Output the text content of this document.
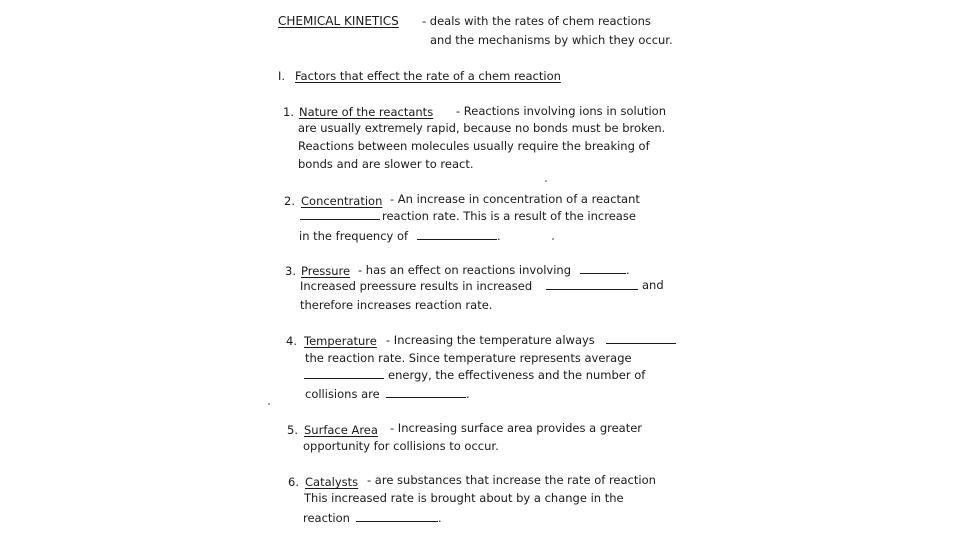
CHEMICAL KINETICS - deals with the rates of chem reactions
and the mechanisms by which they occur.
I. Factors that effect the rate of a chem reaction
1. Nature of the reactants - Reactions involving ions in solution
are usually extremely rapid, because no bonds must be broken.
Reactions between molecules usually require the breaking of
bonds and are slower to react.
2. Concentration - An increase in concentration of a reactant
reaction rate. This is a result of the increase
in the frequency of	.
3. Pressure - has an effect on reactions involving	.
Increased preessure results in increased	and
therefore increases reaction rate.
4. Temperature - Increasing the temperature always
the reaction rate. Since temperature represents average
energy, the effectiveness and the number of
collisions are	.
5. Surface Area - Increasing surface area provides a greater
opportunity for collisions to occur.
6. Catalysts - are substances that increase the rate of reaction
This increased rate is brought about by a change in the
reaction	.
